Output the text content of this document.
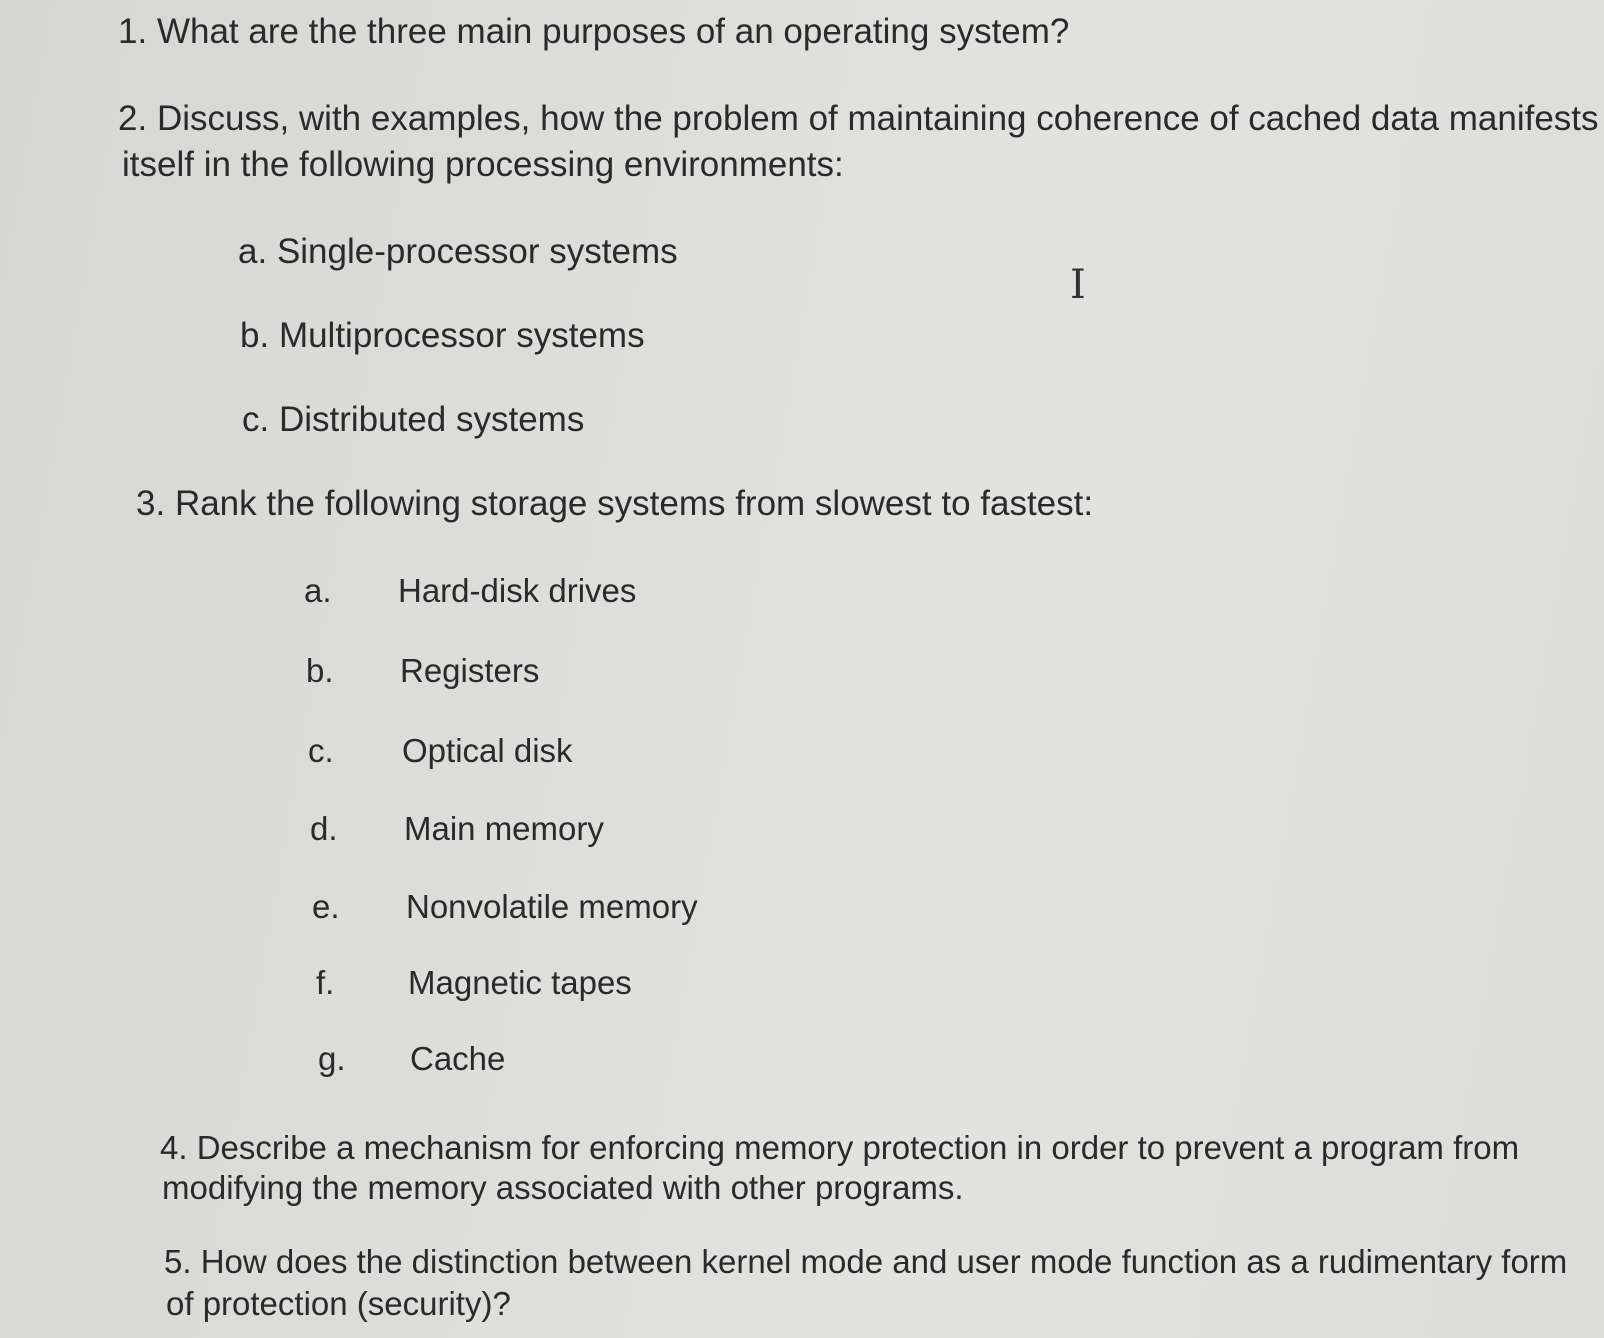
1. What are the three main purposes of an operating system?
2. Discuss, with examples, how the problem of maintaining coherence of cached data manifests
itself in the following processing environments:
a. Single-processor systems
b. Multiprocessor systems
c. Distributed systems
3. Rank the following storage systems from slowest to fastest:
a. Hard-disk drives
b. Registers
c. Optical disk
d. Main memory
e. Nonvolatile memory
f. Magnetic tapes
g. Cache
4. Describe a mechanism for enforcing memory protection in order to prevent a program from
modifying the memory associated with other programs.
5. How does the distinction between kernel mode and user mode function as a rudimentary form
of protection (security)?
I
